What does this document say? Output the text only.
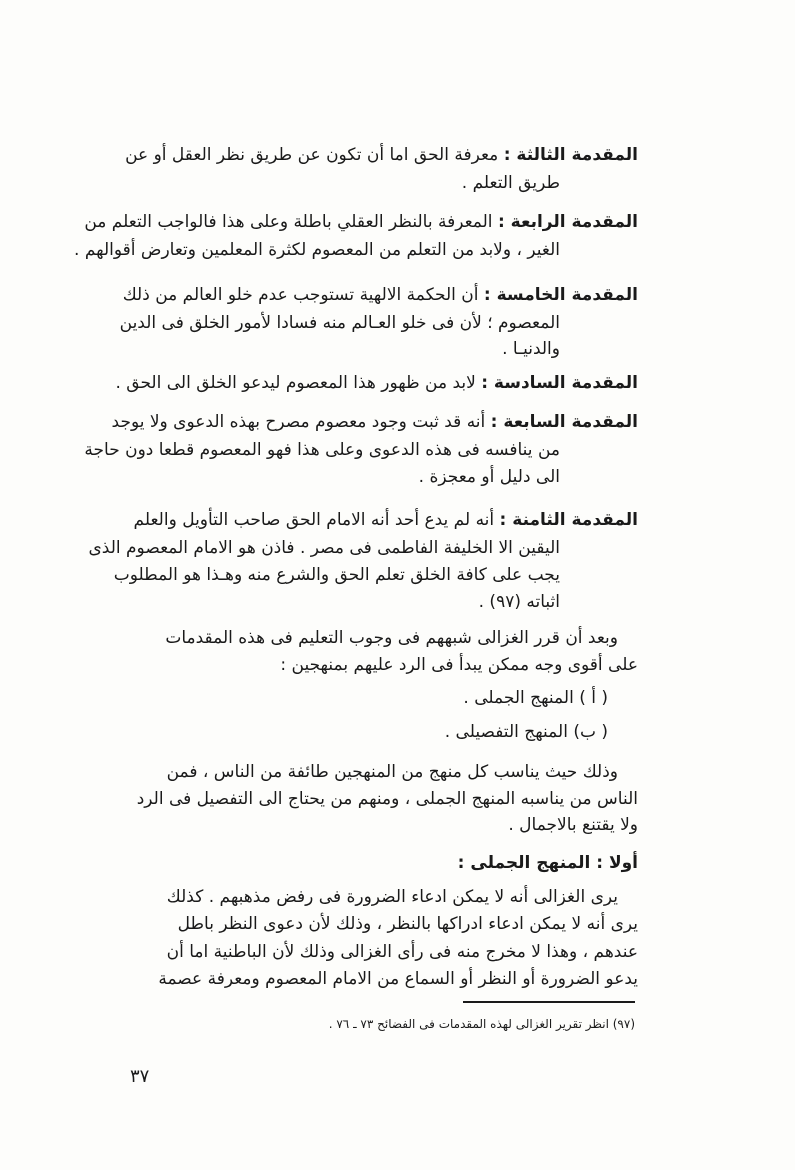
المقدمة الثالثة : معرفة الحق اما أن تكون عن طريق نظر العقل أو عن
طريق التعلم .
المقدمة الرابعة : المعرفة بالنظر العقلي باطلة وعلى هذا فالواجب التعلم من
الغير ، ولابد من التعلم من المعصوم لكثرة المعلمين وتعارض أقوالهم .
المقدمة الخامسة : أن الحكمة الالهية تستوجب عدم خلو العالم من ذلك
المعصوم ؛ لأن فى خلو العـالم منه فسادا لأمور الخلق فى الدين
والدنيـا .
المقدمة السادسة : لابد من ظهور هذا المعصوم ليدعو الخلق الى الحق .
المقدمة السابعة : أنه قد ثبت وجود معصوم مصرح بهذه الدعوى ولا يوجد
من ينافسه فى هذه الدعوى وعلى هذا فهو المعصوم قطعا دون حاجة
الى دليل أو معجزة .
المقدمة الثامنة : أنه لم يدع أحد أنه الامام الحق صاحب التأويل والعلم
اليقين الا الخليفة الفاطمى فى مصر . فاذن هو الامام المعصوم الذى
يجب على كافة الخلق تعلم الحق والشرع منه وهـذا هو المطلوب
اثباته (٩٧) .
وبعد أن قرر الغزالى شبههم فى وجوب التعليم فى هذه المقدمات
على أقوى وجه ممكن يبدأ فى الرد عليهم بمنهجين :
( أ ) المنهج الجملى .
( ب) المنهج التفصيلى .
وذلك حيث يناسب كل منهج من المنهجين طائفة من الناس ، فمن
الناس من يناسبه المنهج الجملى ، ومنهم من يحتاج الى التفصيل فى الرد
ولا يقتنع بالاجمال .
أولا : المنهج الجملى :
يرى الغزالى أنه لا يمكن ادعاء الضرورة فى رفض مذهبهم . كذلك
يرى أنه لا يمكن ادعاء ادراكها بالنظر ، وذلك لأن دعوى النظر باطل
عندهم ، وهذا لا مخرج منه فى رأى الغزالى وذلك لأن الباطنية اما أن
يدعو الضرورة أو النظر أو السماع من الامام المعصوم ومعرفة عصمة
(٩٧) انظر تقرير الغزالى لهذه المقدمات فى الفضائح ٧٣ ـ ٧٦ .
٣٧
